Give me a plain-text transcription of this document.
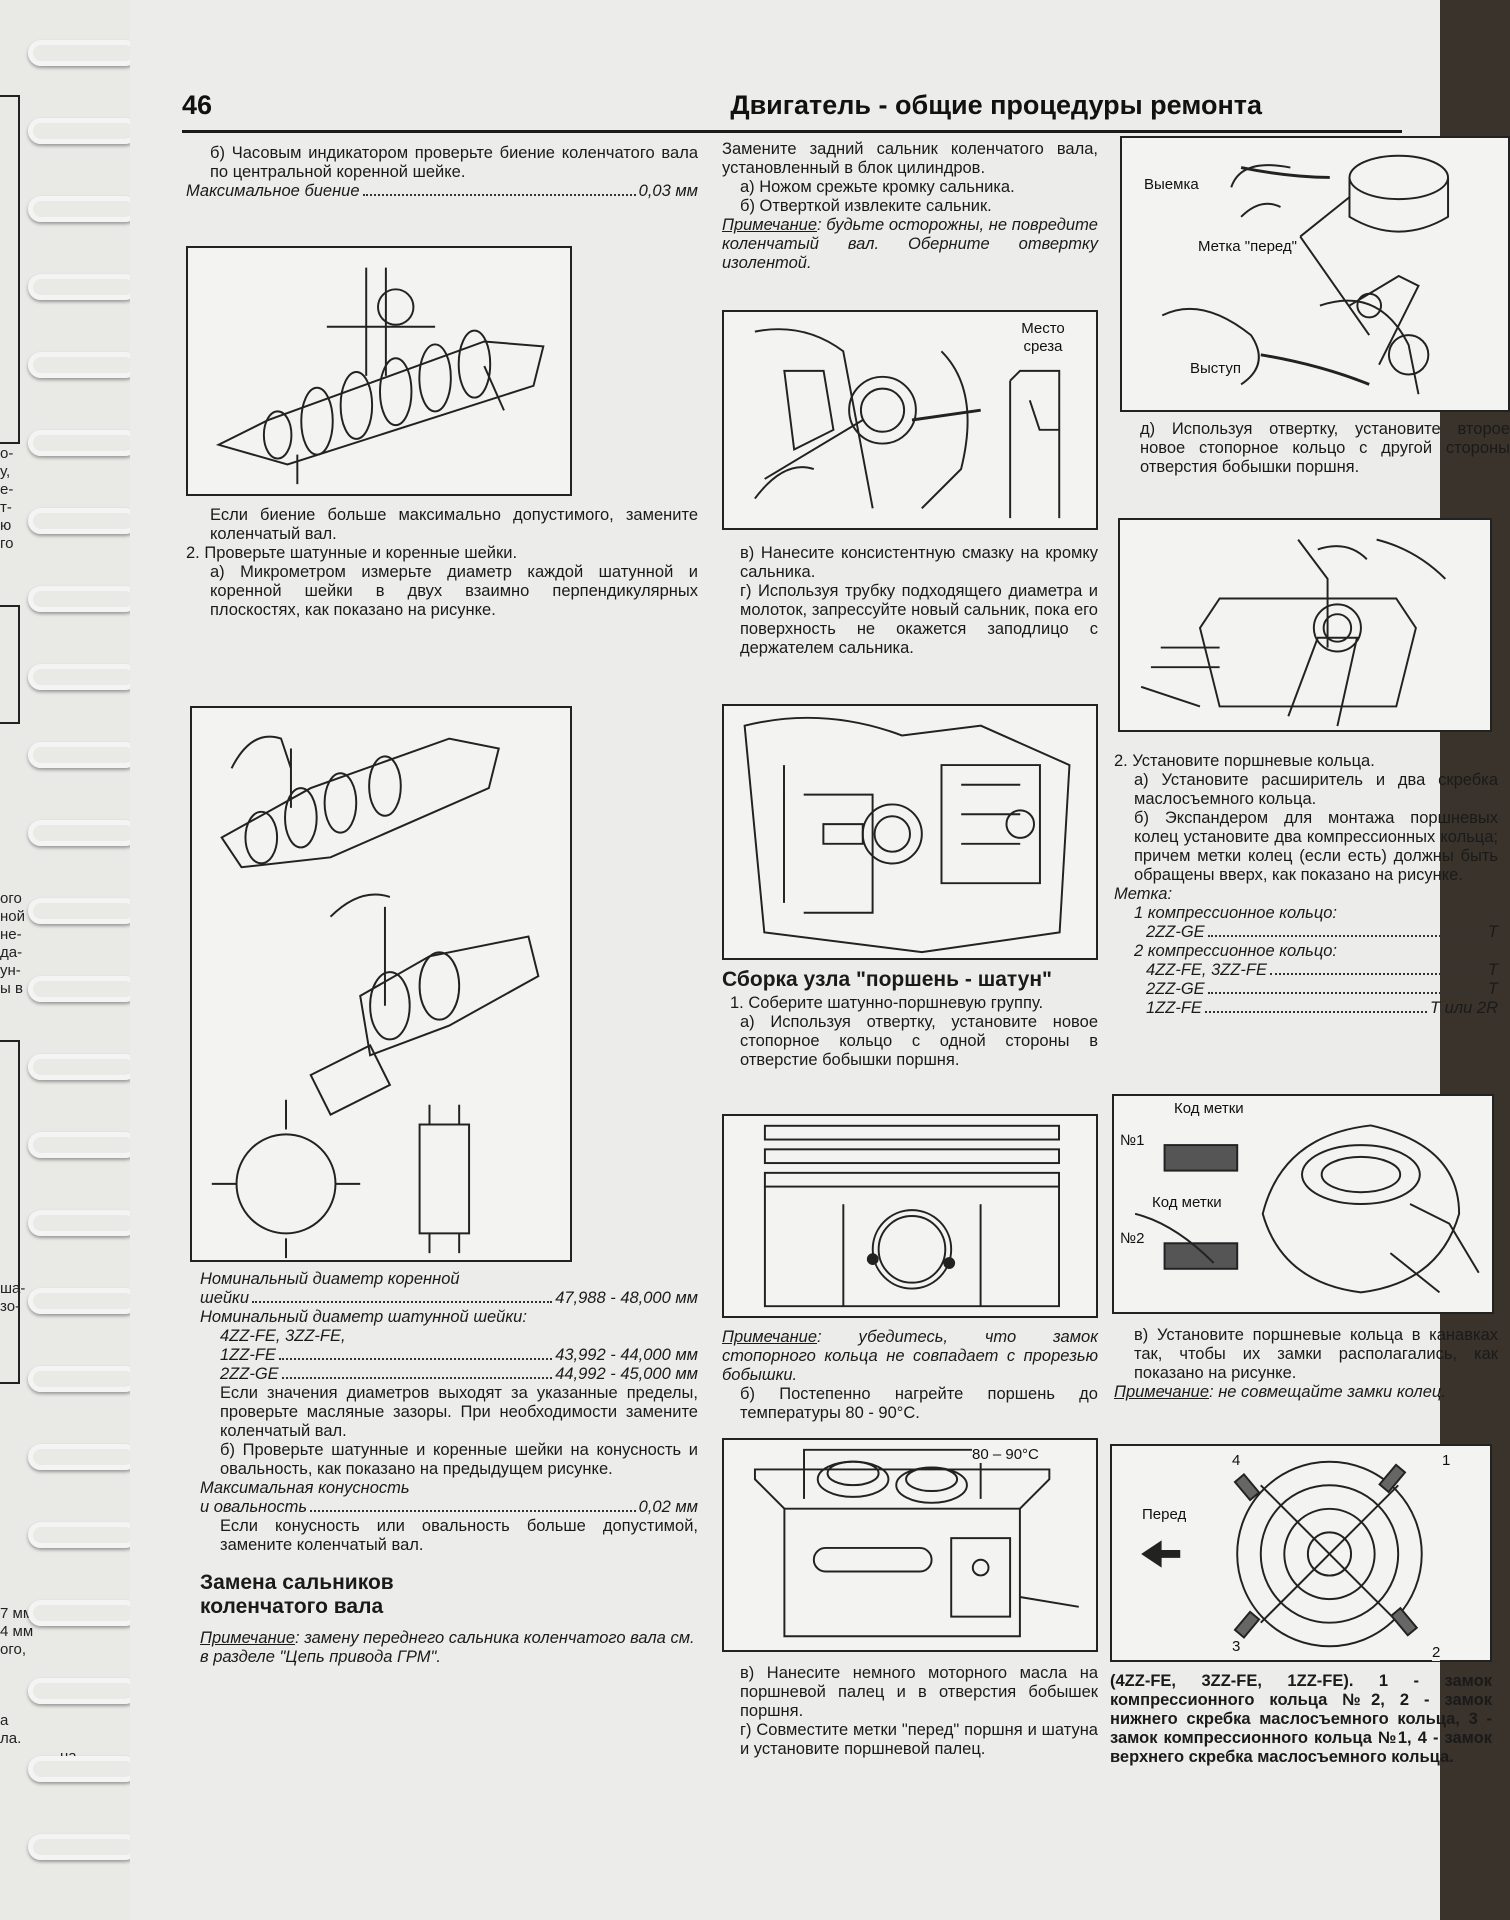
о-
у,
е-
т-
ю
го
ого
ной
не-
да-
ун-
ы в
ша-
зо-
7 мм
4 мм
ого,
а
ла.
на
46	Двигатель - общие процедуры ремонта

б) Часовым индикатором проверьте биение коленчатого вала по центральной коренной шейке.

Максимальное биение	0,03 мм

Если биение больше максимально допустимого, замените коленчатый вал.

2. Проверьте шатунные и коренные шейки.

а) Микрометром измерьте диаметр каждой шатунной и коренной шейки в двух взаимно перпендикулярных плоскостях, как показано на рисунке.

Номинальный диаметр коренной

шейки	47,988 - 48,000 мм

Номинальный диаметр шатунной шейки:

4ZZ-FE, 3ZZ-FE,

1ZZ-FE	43,992 - 44,000 мм
2ZZ-GE	44,992 - 45,000 мм

Если значения диаметров выходят за указанные пределы, проверьте масляные зазоры. При необходимости замените коленчатый вал.

б) Проверьте шатунные и коренные шейки на конусность и овальность, как показано на предыдущем рисунке.

Максимальная конусность

и овальность	0,02 мм

Если конусность или овальность больше допустимой, замените коленчатый вал.

Замена сальников коленчатого вала

Примечание: замену переднего сальника коленчатого вала см. в разделе "Цепь привода ГРМ".

Замените задний сальник коленчатого вала, установленный в блок цилиндров.

а) Ножом срежьте кромку сальника.

б) Отверткой извлеките сальник.

Примечание: будьте осторожны, не повредите коленчатый вал. Оберните отвертку изолентой.

Место среза

в) Нанесите консистентную смазку на кромку сальника.

г) Используя трубку подходящего диаметра и молоток, запрессуйте новый сальник, пока его поверхность не окажется заподлицо с держателем сальника.

Сборка узла "поршень - шатун"

1. Соберите шатунно-поршневую группу.

а) Используя отвертку, установите новое стопорное кольцо с одной стороны в отверстие бобышки поршня.

Примечание: убедитесь, что замок стопорного кольца не совпадает с прорезью бобышки.

б) Постепенно нагрейте поршень до температуры 80 - 90°С.

80 – 90°С

в) Нанесите немного моторного масла на поршневой палец и в отверстия бобышек поршня.

г) Совместите метки "перед" поршня и шатуна и установите поршневой палец.

Выемка
Метка "перед"
Выступ

д) Используя отвертку, установите второе новое стопорное кольцо с другой стороны отверстия бобышки поршня.

2. Установите поршневые кольца.

а) Установите расширитель и два скребка маслосъемного кольца.

б) Экспандером для монтажа поршневых колец установите два компрессионных кольца; причем метки колец (если есть) должны быть обращены вверх, как показано на рисунке.

Метка:

1 компрессионное кольцо:

2ZZ-GE	T

2 компрессионное кольцо:

4ZZ-FE, 3ZZ-FE	T
2ZZ-GE	T
1ZZ-FE	T или 2R
Код метки
№1
Код метки
№2

в) Установите поршневые кольца в канавках так, чтобы их замки располагались, как показано на рисунке.

Примечание: не совмещайте замки колец.

Перед
1
2
3
4

(4ZZ-FE, 3ZZ-FE, 1ZZ-FE). 1 - замок компрессионного кольца №2, 2 - замок нижнего скребка маслосъемного кольца, 3 - замок компрессионного кольца №1, 4 - замок верхнего скребка маслосъемного кольца.
